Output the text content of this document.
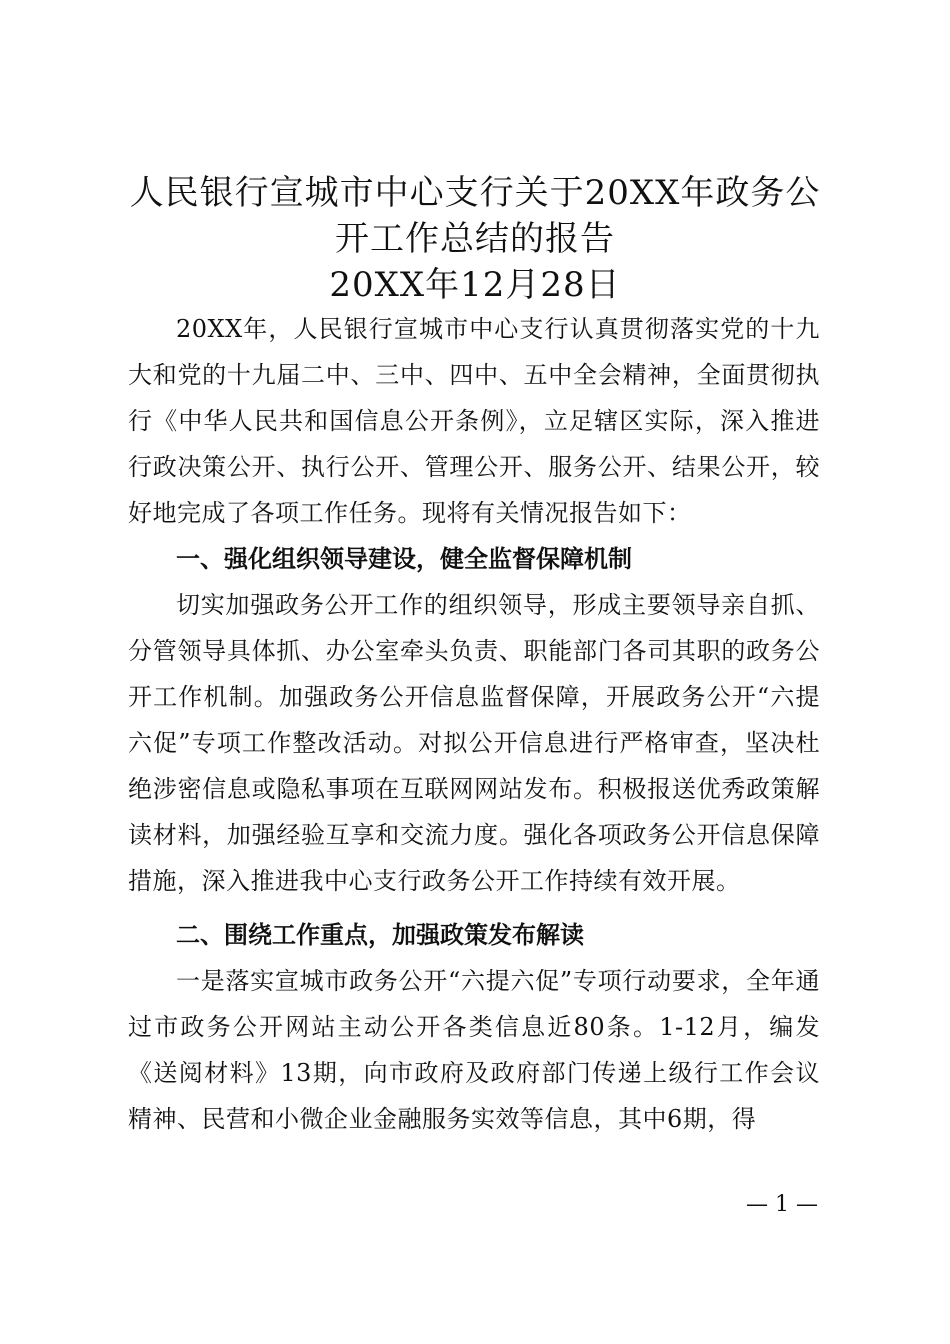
人民银行宣城市中心支行关于20XX年政务公
开工作总结的报告
20XX年12月28日

20XX年，人民银行宣城市中心支行认真贯彻落实党的十九大和党的十九届二中、三中、四中、五中全会精神，全面贯彻执行《中华人民共和国信息公开条例》，立足辖区实际，深入推进行政决策公开、执行公开、管理公开、服务公开、结果公开，较好地完成了各项工作任务。现将有关情况报告如下：

一、强化组织领导建设，健全监督保障机制

切实加强政务公开工作的组织领导，形成主要领导亲自抓、分管领导具体抓、办公室牵头负责、职能部门各司其职的政务公开工作机制。加强政务公开信息监督保障，开展政务公开“六提六促”专项工作整改活动。对拟公开信息进行严格审查，坚决杜绝涉密信息或隐私事项在互联网网站发布。积极报送优秀政策解读材料，加强经验互享和交流力度。强化各项政务公开信息保障措施，深入推进我中心支行政务公开工作持续有效开展。

二、围绕工作重点，加强政策发布解读

一是落实宣城市政务公开“六提六促”专项行动要求，全年通过市政务公开网站主动公开各类信息近80条。1-12月，编发《送阅材料》13期，向市政府及政府部门传递上级行工作会议精神、民营和小微企业金融服务实效等信息，其中6期，得

— 1 —
